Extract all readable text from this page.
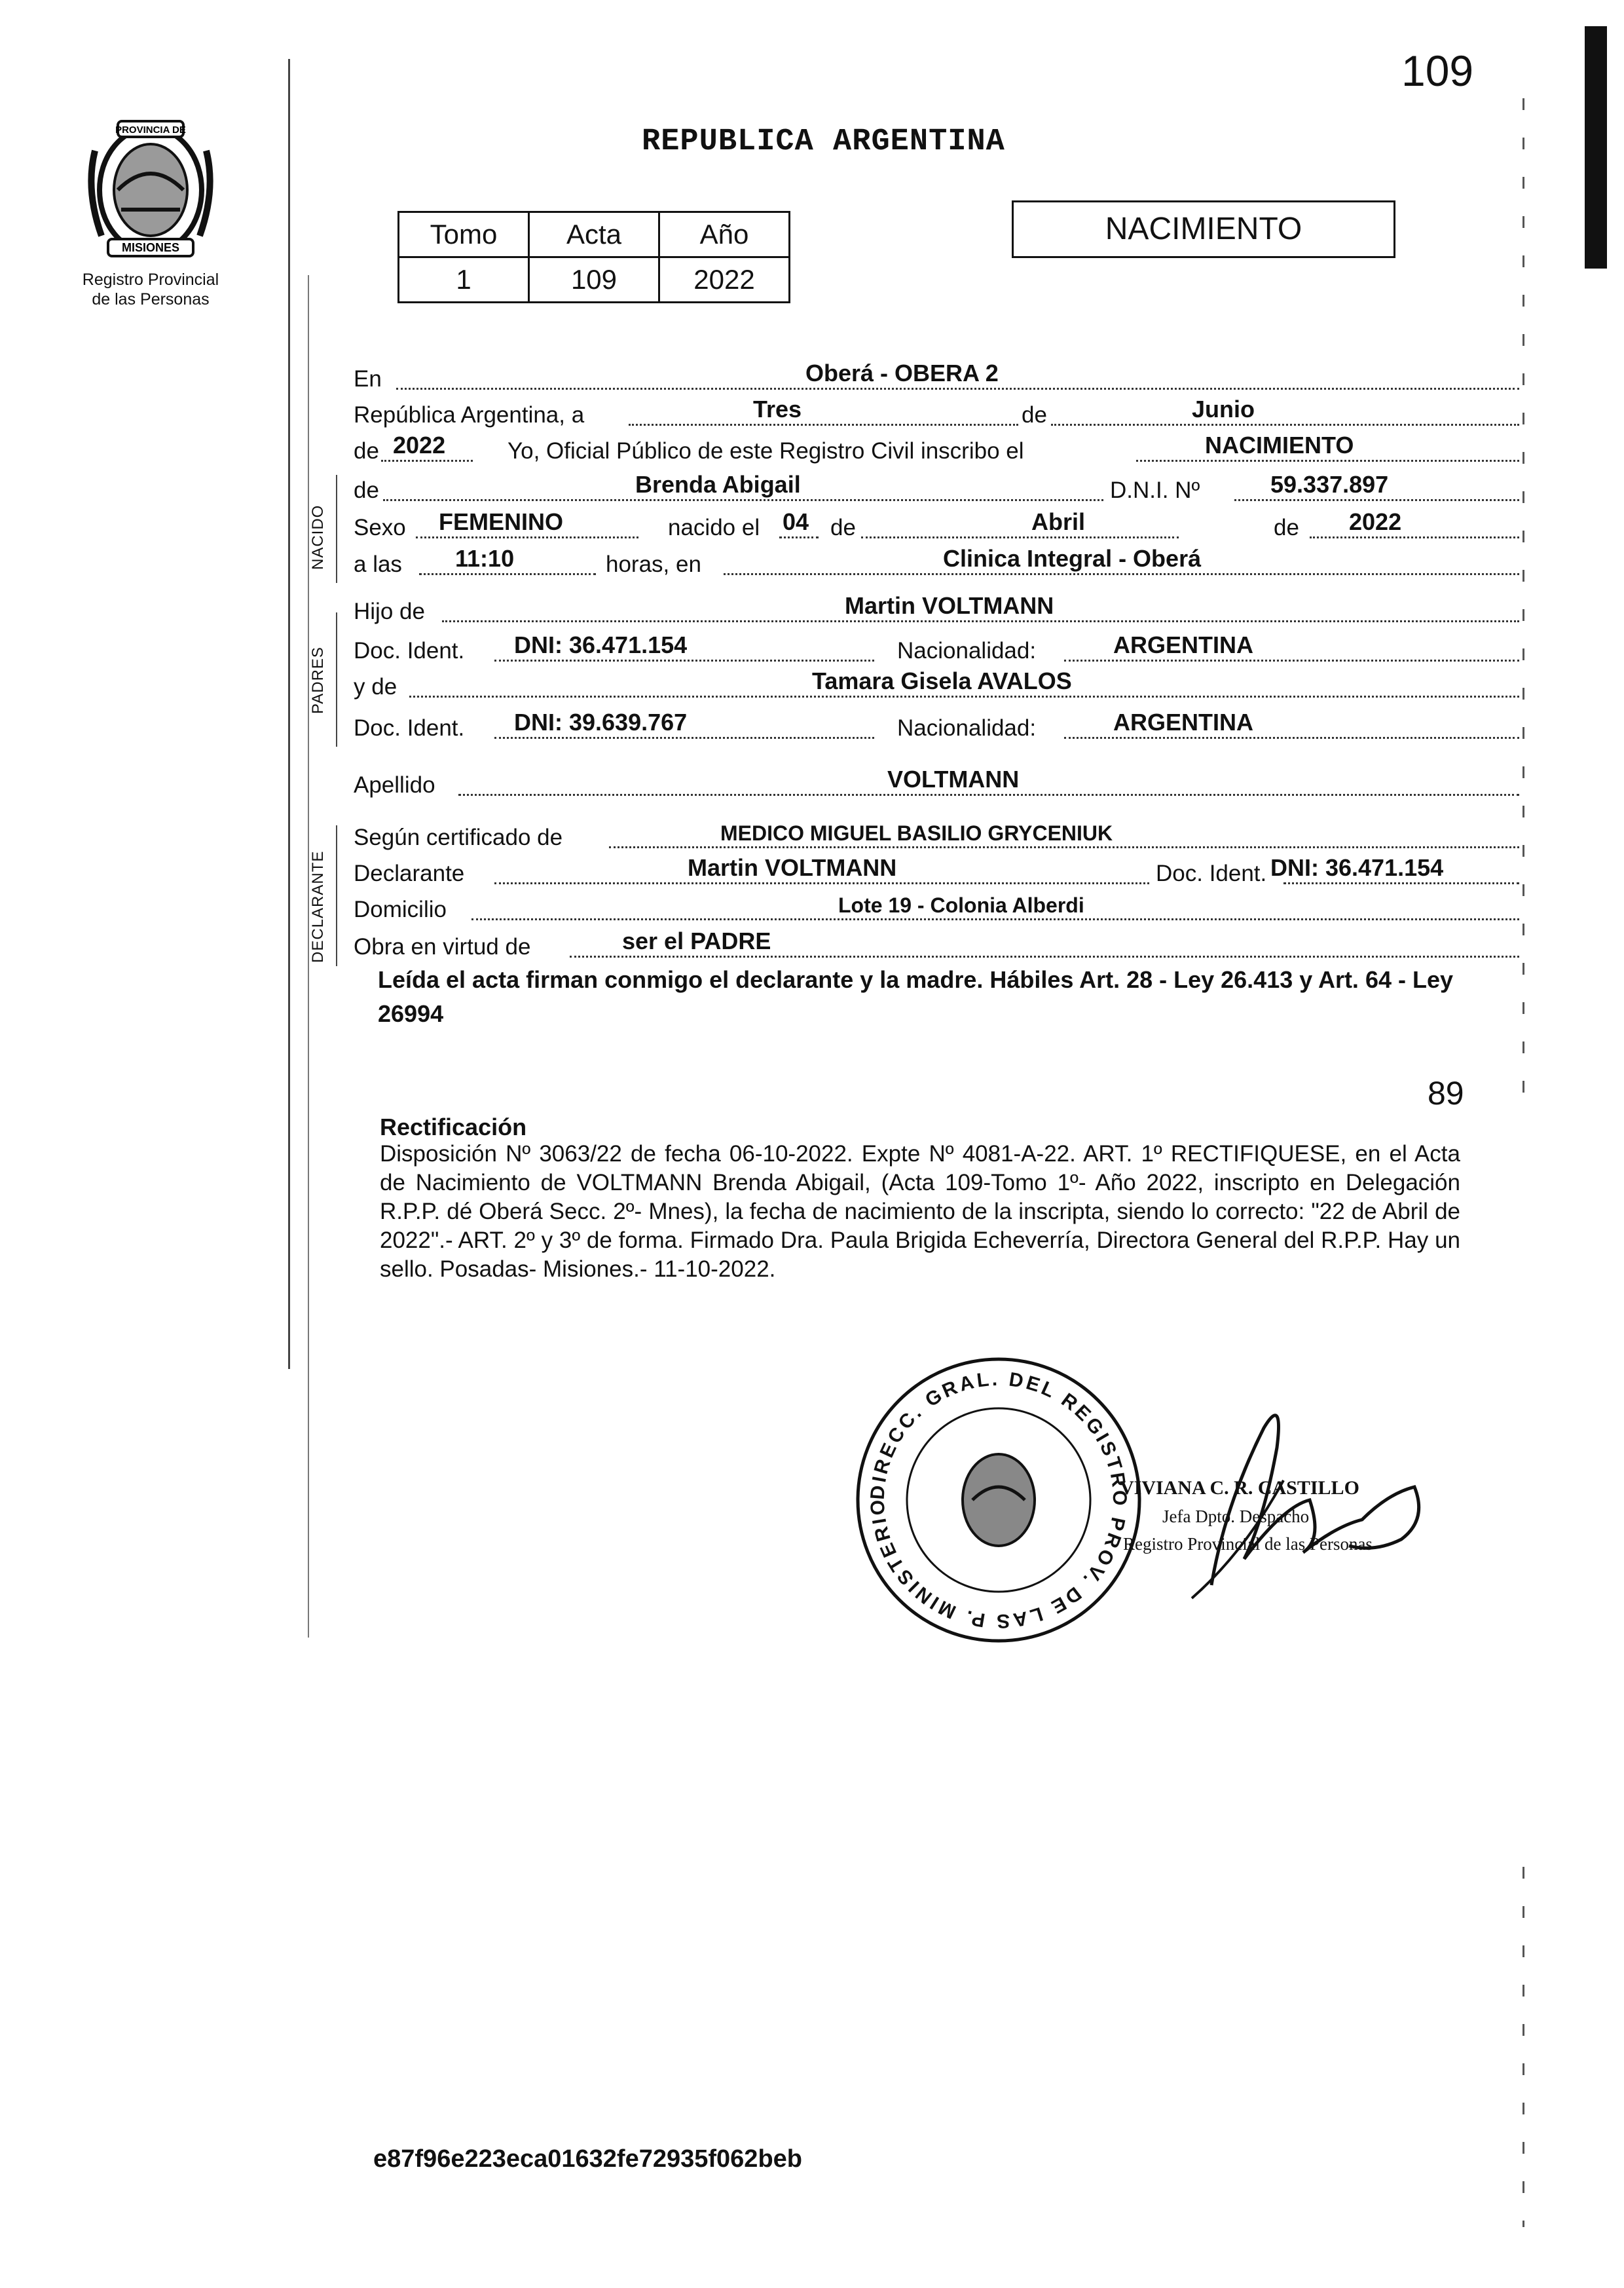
109
PROVINCIA DE
MISIONES
Registro Provincial
de las Personas
REPUBLICA ARGENTINA
Tomo	Acta	Año
1	109	2022
NACIMIENTO
NACIDO
PADRES
DECLARANTE
En	Oberá - OBERA 2
República Argentina, a	Tres	de	Junio
de 2022	Yo, Oficial Público de este Registro Civil inscribo el	NACIMIENTO
de	Brenda Abigail	D.N.I. Nº	59.337.897
Sexo FEMENINO	nacido el 04 de	Abril	de 2022
a las 11:10	horas, en	Clinica Integral - Oberá
Hijo de	Martin VOLTMANN
Doc. Ident. DNI: 36.471.154	Nacionalidad:	ARGENTINA
y de	Tamara Gisela AVALOS
Doc. Ident. DNI: 39.639.767	Nacionalidad:	ARGENTINA
Apellido	VOLTMANN
Según certificado de	MEDICO MIGUEL BASILIO GRYCENIUK
Declarante	Martin VOLTMANN	Doc. Ident. DNI: 36.471.154
Domicilio	Lote 19 - Colonia Alberdi
Obra en virtud de	ser el PADRE
Leída el acta firman conmigo el declarante y la madre. Hábiles Art. 28 - Ley 26.413 y Art. 64 - Ley 26994
89
Rectificación
Disposición Nº 3063/22 de fecha 06-10-2022. Expte Nº 4081-A-22. ART. 1º RECTIFIQUESE, en el Acta de Nacimiento de VOLTMANN Brenda Abigail, (Acta 109-Tomo 1º- Año 2022, inscripto en Delegación R.P.P. dé Oberá Secc. 2º- Mnes), la fecha de nacimiento de la inscripta, siendo lo correcto: "22 de Abril de 2022".- ART. 2º y 3º de forma. Firmado Dra. Paula Brigida Echeverría, Directora General del R.P.P. Hay un sello. Posadas- Misiones.- 11-10-2022.
DIRECC. GRAL. DEL REGISTRO PROV. DE LAS P. MINISTERIO
VIVIANA C. R. CASTILLO
Jefa Dpto. Despacho
Registro Provincial de las Personas
e87f96e223eca01632fe72935f062beb
